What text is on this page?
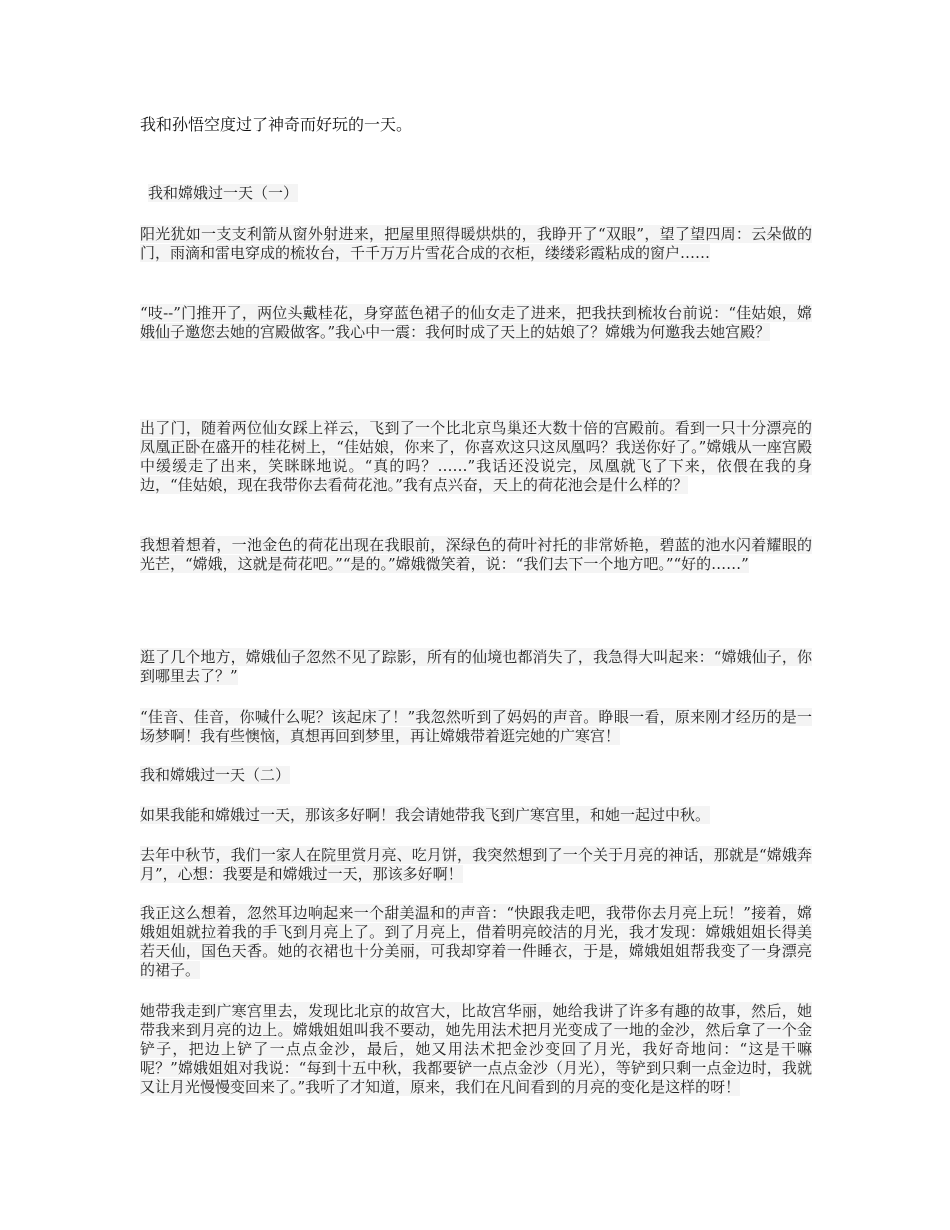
我和孙悟空度过了神奇而好玩的一天。
我和嫦娥过一天（一）
阳光犹如一支支利箭从窗外射进来，把屋里照得暖烘烘的，我睁开了“双眼”，望了望四周：云朵做的门，雨滴和雷电穿成的梳妆台，千千万万片雪花合成的衣柜，缕缕彩霞粘成的窗户……
“吱--”门推开了，两位头戴桂花，身穿蓝色裙子的仙女走了进来，把我扶到梳妆台前说：“佳姑娘，嫦娥仙子邀您去她的宫殿做客。”我心中一震：我何时成了天上的姑娘了？嫦娥为何邀我去她宫殿？
出了门，随着两位仙女踩上祥云，飞到了一个比北京鸟巢还大数十倍的宫殿前。看到一只十分漂亮的凤凰正卧在盛开的桂花树上，“佳姑娘，你来了，你喜欢这只这凤凰吗？我送你好了。”嫦娥从一座宫殿中缓缓走了出来，笑眯眯地说。“真的吗？……”我话还没说完，凤凰就飞了下来，依偎在我的身边，“佳姑娘，现在我带你去看荷花池。”我有点兴奋，天上的荷花池会是什么样的？
我想着想着，一池金色的荷花出现在我眼前，深绿色的荷叶衬托的非常娇艳，碧蓝的池水闪着耀眼的光芒，“嫦娥，这就是荷花吧。”“是的。”嫦娥微笑着，说：“我们去下一个地方吧。”“好的……”
逛了几个地方，嫦娥仙子忽然不见了踪影，所有的仙境也都消失了，我急得大叫起来：“嫦娥仙子，你到哪里去了？”
“佳音、佳音，你喊什么呢？该起床了！”我忽然听到了妈妈的声音。睁眼一看，原来刚才经历的是一场梦啊！我有些懊恼，真想再回到梦里，再让嫦娥带着逛完她的广寒宫！
我和嫦娥过一天（二）
如果我能和嫦娥过一天，那该多好啊！我会请她带我飞到广寒宫里，和她一起过中秋。
去年中秋节，我们一家人在院里赏月亮、吃月饼，我突然想到了一个关于月亮的神话，那就是“嫦娥奔月”，心想：我要是和嫦娥过一天，那该多好啊！
我正这么想着，忽然耳边响起来一个甜美温和的声音：“快跟我走吧，我带你去月亮上玩！”接着，嫦娥姐姐就拉着我的手飞到月亮上了。到了月亮上，借着明亮皎洁的月光，我才发现：嫦娥姐姐长得美若天仙，国色天香。她的衣裙也十分美丽，可我却穿着一件睡衣，于是，嫦娥姐姐帮我变了一身漂亮的裙子。
她带我走到广寒宫里去，发现比北京的故宫大，比故宫华丽，她给我讲了许多有趣的故事，然后，她带我来到月亮的边上。嫦娥姐姐叫我不要动，她先用法术把月光变成了一地的金沙，然后拿了一个金铲子，把边上铲了一点点金沙，最后，她又用法术把金沙变回了月光，我好奇地问：“这是干嘛呢？”嫦娥姐姐对我说：“每到十五中秋，我都要铲一点点金沙（月光），等铲到只剩一点金边时，我就又让月光慢慢变回来了。”我听了才知道，原来，我们在凡间看到的月亮的变化是这样的呀！
